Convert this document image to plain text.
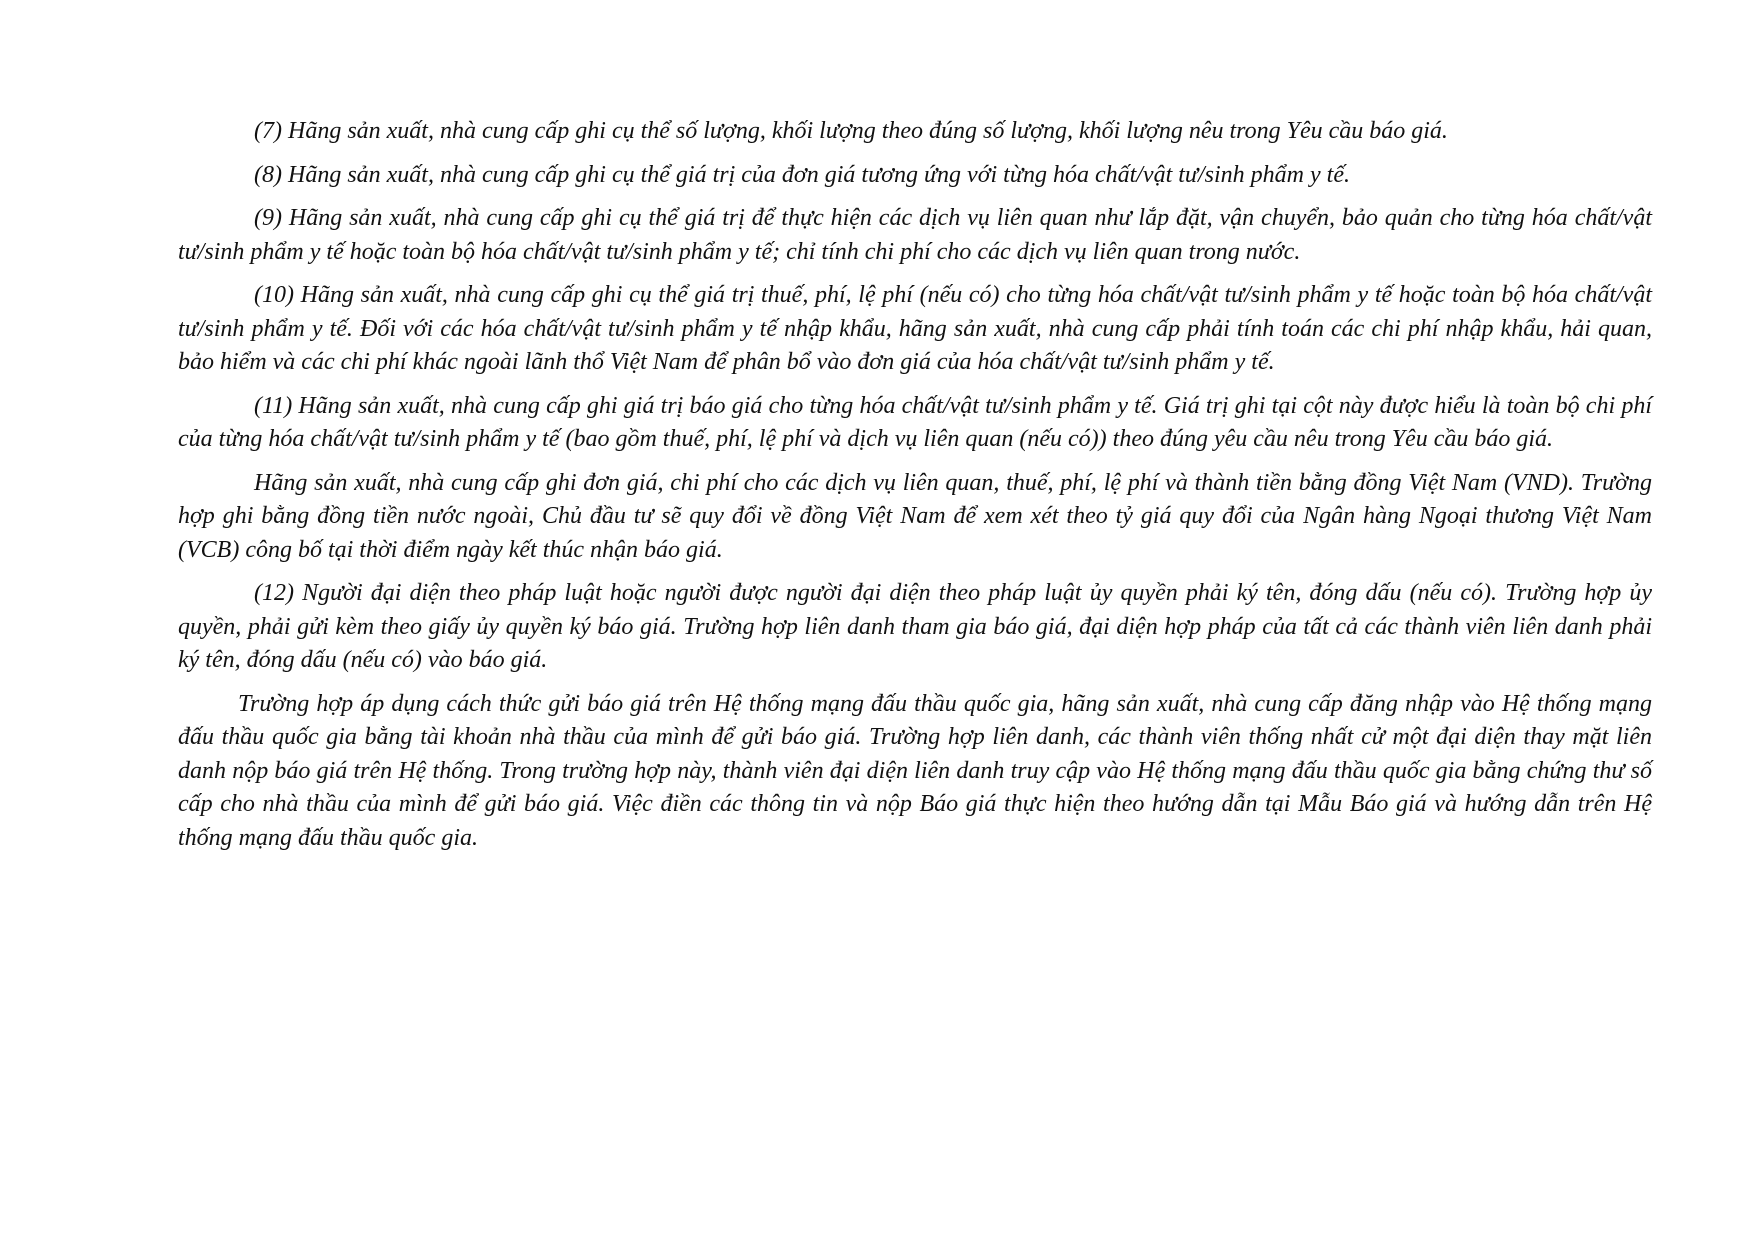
(7) Hãng sản xuất, nhà cung cấp ghi cụ thể số lượng, khối lượng theo đúng số lượng, khối lượng nêu trong Yêu cầu báo giá.

(8) Hãng sản xuất, nhà cung cấp ghi cụ thể giá trị của đơn giá tương ứng với từng hóa chất/vật tư/sinh phẩm y tế.

(9) Hãng sản xuất, nhà cung cấp ghi cụ thể giá trị để thực hiện các dịch vụ liên quan như lắp đặt, vận chuyển, bảo quản cho từng hóa chất/vật tư/sinh phẩm y tế hoặc toàn bộ hóa chất/vật tư/sinh phẩm y tế; chỉ tính chi phí cho các dịch vụ liên quan trong nước.

(10) Hãng sản xuất, nhà cung cấp ghi cụ thể giá trị thuế, phí, lệ phí (nếu có) cho từng hóa chất/vật tư/sinh phẩm y tế hoặc toàn bộ hóa chất/vật tư/sinh phẩm y tế. Đối với các hóa chất/vật tư/sinh phẩm y tế nhập khẩu, hãng sản xuất, nhà cung cấp phải tính toán các chi phí nhập khẩu, hải quan, bảo hiểm và các chi phí khác ngoài lãnh thổ Việt Nam để phân bổ vào đơn giá của hóa chất/vật tư/sinh phẩm y tế.

(11) Hãng sản xuất, nhà cung cấp ghi giá trị báo giá cho từng hóa chất/vật tư/sinh phẩm y tế. Giá trị ghi tại cột này được hiểu là toàn bộ chi phí của từng hóa chất/vật tư/sinh phẩm y tế (bao gồm thuế, phí, lệ phí và dịch vụ liên quan (nếu có)) theo đúng yêu cầu nêu trong Yêu cầu báo giá.

Hãng sản xuất, nhà cung cấp ghi đơn giá, chi phí cho các dịch vụ liên quan, thuế, phí, lệ phí và thành tiền bằng đồng Việt Nam (VND). Trường hợp ghi bằng đồng tiền nước ngoài, Chủ đầu tư sẽ quy đổi về đồng Việt Nam để xem xét theo tỷ giá quy đổi của Ngân hàng Ngoại thương Việt Nam (VCB) công bố tại thời điểm ngày kết thúc nhận báo giá.

(12) Người đại diện theo pháp luật hoặc người được người đại diện theo pháp luật ủy quyền phải ký tên, đóng dấu (nếu có). Trường hợp ủy quyền, phải gửi kèm theo giấy ủy quyền ký báo giá. Trường hợp liên danh tham gia báo giá, đại diện hợp pháp của tất cả các thành viên liên danh phải ký tên, đóng dấu (nếu có) vào báo giá.

Trường hợp áp dụng cách thức gửi báo giá trên Hệ thống mạng đấu thầu quốc gia, hãng sản xuất, nhà cung cấp đăng nhập vào Hệ thống mạng đấu thầu quốc gia bằng tài khoản nhà thầu của mình để gửi báo giá. Trường hợp liên danh, các thành viên thống nhất cử một đại diện thay mặt liên danh nộp báo giá trên Hệ thống. Trong trường hợp này, thành viên đại diện liên danh truy cập vào Hệ thống mạng đấu thầu quốc gia bằng chứng thư số cấp cho nhà thầu của mình để gửi báo giá. Việc điền các thông tin và nộp Báo giá thực hiện theo hướng dẫn tại Mẫu Báo giá và hướng dẫn trên Hệ thống mạng đấu thầu quốc gia.
